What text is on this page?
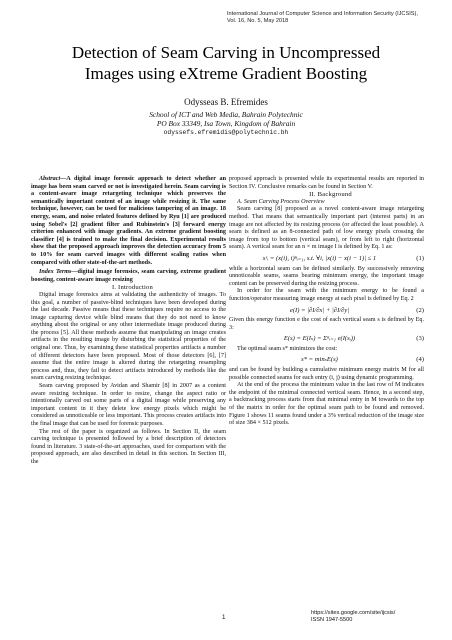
International Journal of Computer Science and Information Security (IJCSIS),
Vol. 16, No. 5, May 2018
Detection of Seam Carving in Uncompressed
Images using eXtreme Gradient Boosting
Odysseas B. Efremides
School of ICT and Web Media, Bahrain Polytechnic
PO Box 33349, Isa Town, Kingdom of Bahrain
odyssefs.efremidis@polytechnic.bh

Abstract—A digital image forensic approach to detect whether an image has been seam carved or not is investigated herein. Seam carving is a content-aware image retargeting technique which preserves the semantically important content of an image while resizing it. The same technique, however, can be used for malicious tampering of an image. 18 energy, seam, and noise related features defined by Ryu [1] are produced using Sobel's [2] gradient filter and Rubinstein's [3] forward energy criterion enhanced with image gradients. An extreme gradient boosting classifier [4] is trained to make the final decision. Experimental results show that the proposed approach improves the detection accuracy from 5 to 10% for seam carved images with different scaling ratios when compared with other state-of-the-art methods.

Index Terms—digital image forensics, seam carving, extreme gradient boosting, content-aware image resizing

I. Introduction

Digital image forensics aims at validating the authenticity of images. To this goal, a number of passive-blind techniques have been developed during the last decade. Passive means that these techniques require no access to the image capturing device while blind means that they do not need to know anything about the original or any other intermediate image produced during the process [5]. All these methods assume that manipulating an image creates artifacts in the resulting image by disturbing the statistical properties of the original one. Thus, by examining these statistical properties artifacts a number of different detectors have been proposed. Most of those detectors [6], [7] assume that the entire image is altered during the retargeting resampling process and, thus, they fail to detect artifacts introduced by methods like the seam carving resizing technique.

Seam carving proposed by Avidan and Shamir [8] in 2007 as a content aware resizing technique. In order to resize, change the aspect ratio or intentionally carved out some parts of a digital image while preserving any important content in it they delete low energy pixels which might be considered as unnoticeable or less important. This process creates artifacts into the final image that can be used for forensic purposes.

The rest of the paper is organized as follows. In Section II, the seam carving technique is presented followed by a brief description of detectors found in literature. 3 state-of-the-art approaches, used for comparison with the proposed approach, are also described in detail in this section. In Section III, the

proposed approach is presented while its experimental results are reported in Section IV. Conclusive remarks can be found in Section V.

II. Background

A. Seam Carving Process Overview

Seam carving [8] proposed as a novel content-aware image retargeting method. That means that semantically important part (interest parts) in an image are not affected by its resizing process (or affected the least possible). A seam is defined as an 8-connected path of low energy pixels crossing the image from top to bottom (vertical seam), or from left to right (horizontal seam). A vertical seam for an n × m image I is defined by Eq. 1 as:

sˣᵢ = (x(i), i)ⁿᵢ₌₁, s.t. ∀i, |x(i) − x(i − 1)| ≤ 1	(1)

while a horizontal seam can be defined similarly. By successively removing unnoticeable seams, seams bearing minimum energy, the important image content can be preserved during the resizing process.

In order for the seam with the minimum energy to be found a function/operator measuring image energy at each pixel is defined by Eq. 2

e(I) = |∂I/∂x| + |∂I/∂y|	(2)

Given this energy function e the cost of each vertical seam s is defined by Eq. 3:

E(s) = E(Iₛ) = Σⁿᵢ₌₁ e(I(sᵢ))	(3)

The optimal seam s* minimizes the cost:

s* = minₛE(s)	(4)

and can be found by building a cumulative minimum energy matrix M for all possible connected seams for each entry (i, j) using dynamic programming.

At the end of the process the minimum value in the last row of M indicates the endpoint of the minimal connected vertical seam. Hence, in a second step, a backtracking process starts from that minimal entry in M towards to the top of the matrix in order for the optimal seam path to be found and removed. Figure 1 shows 11 seams found under a 3% vertical reduction of the image size of size 384 × 512 pixels.

1
https://sites.google.com/site/ijcsis/
ISSN 1947-5500
